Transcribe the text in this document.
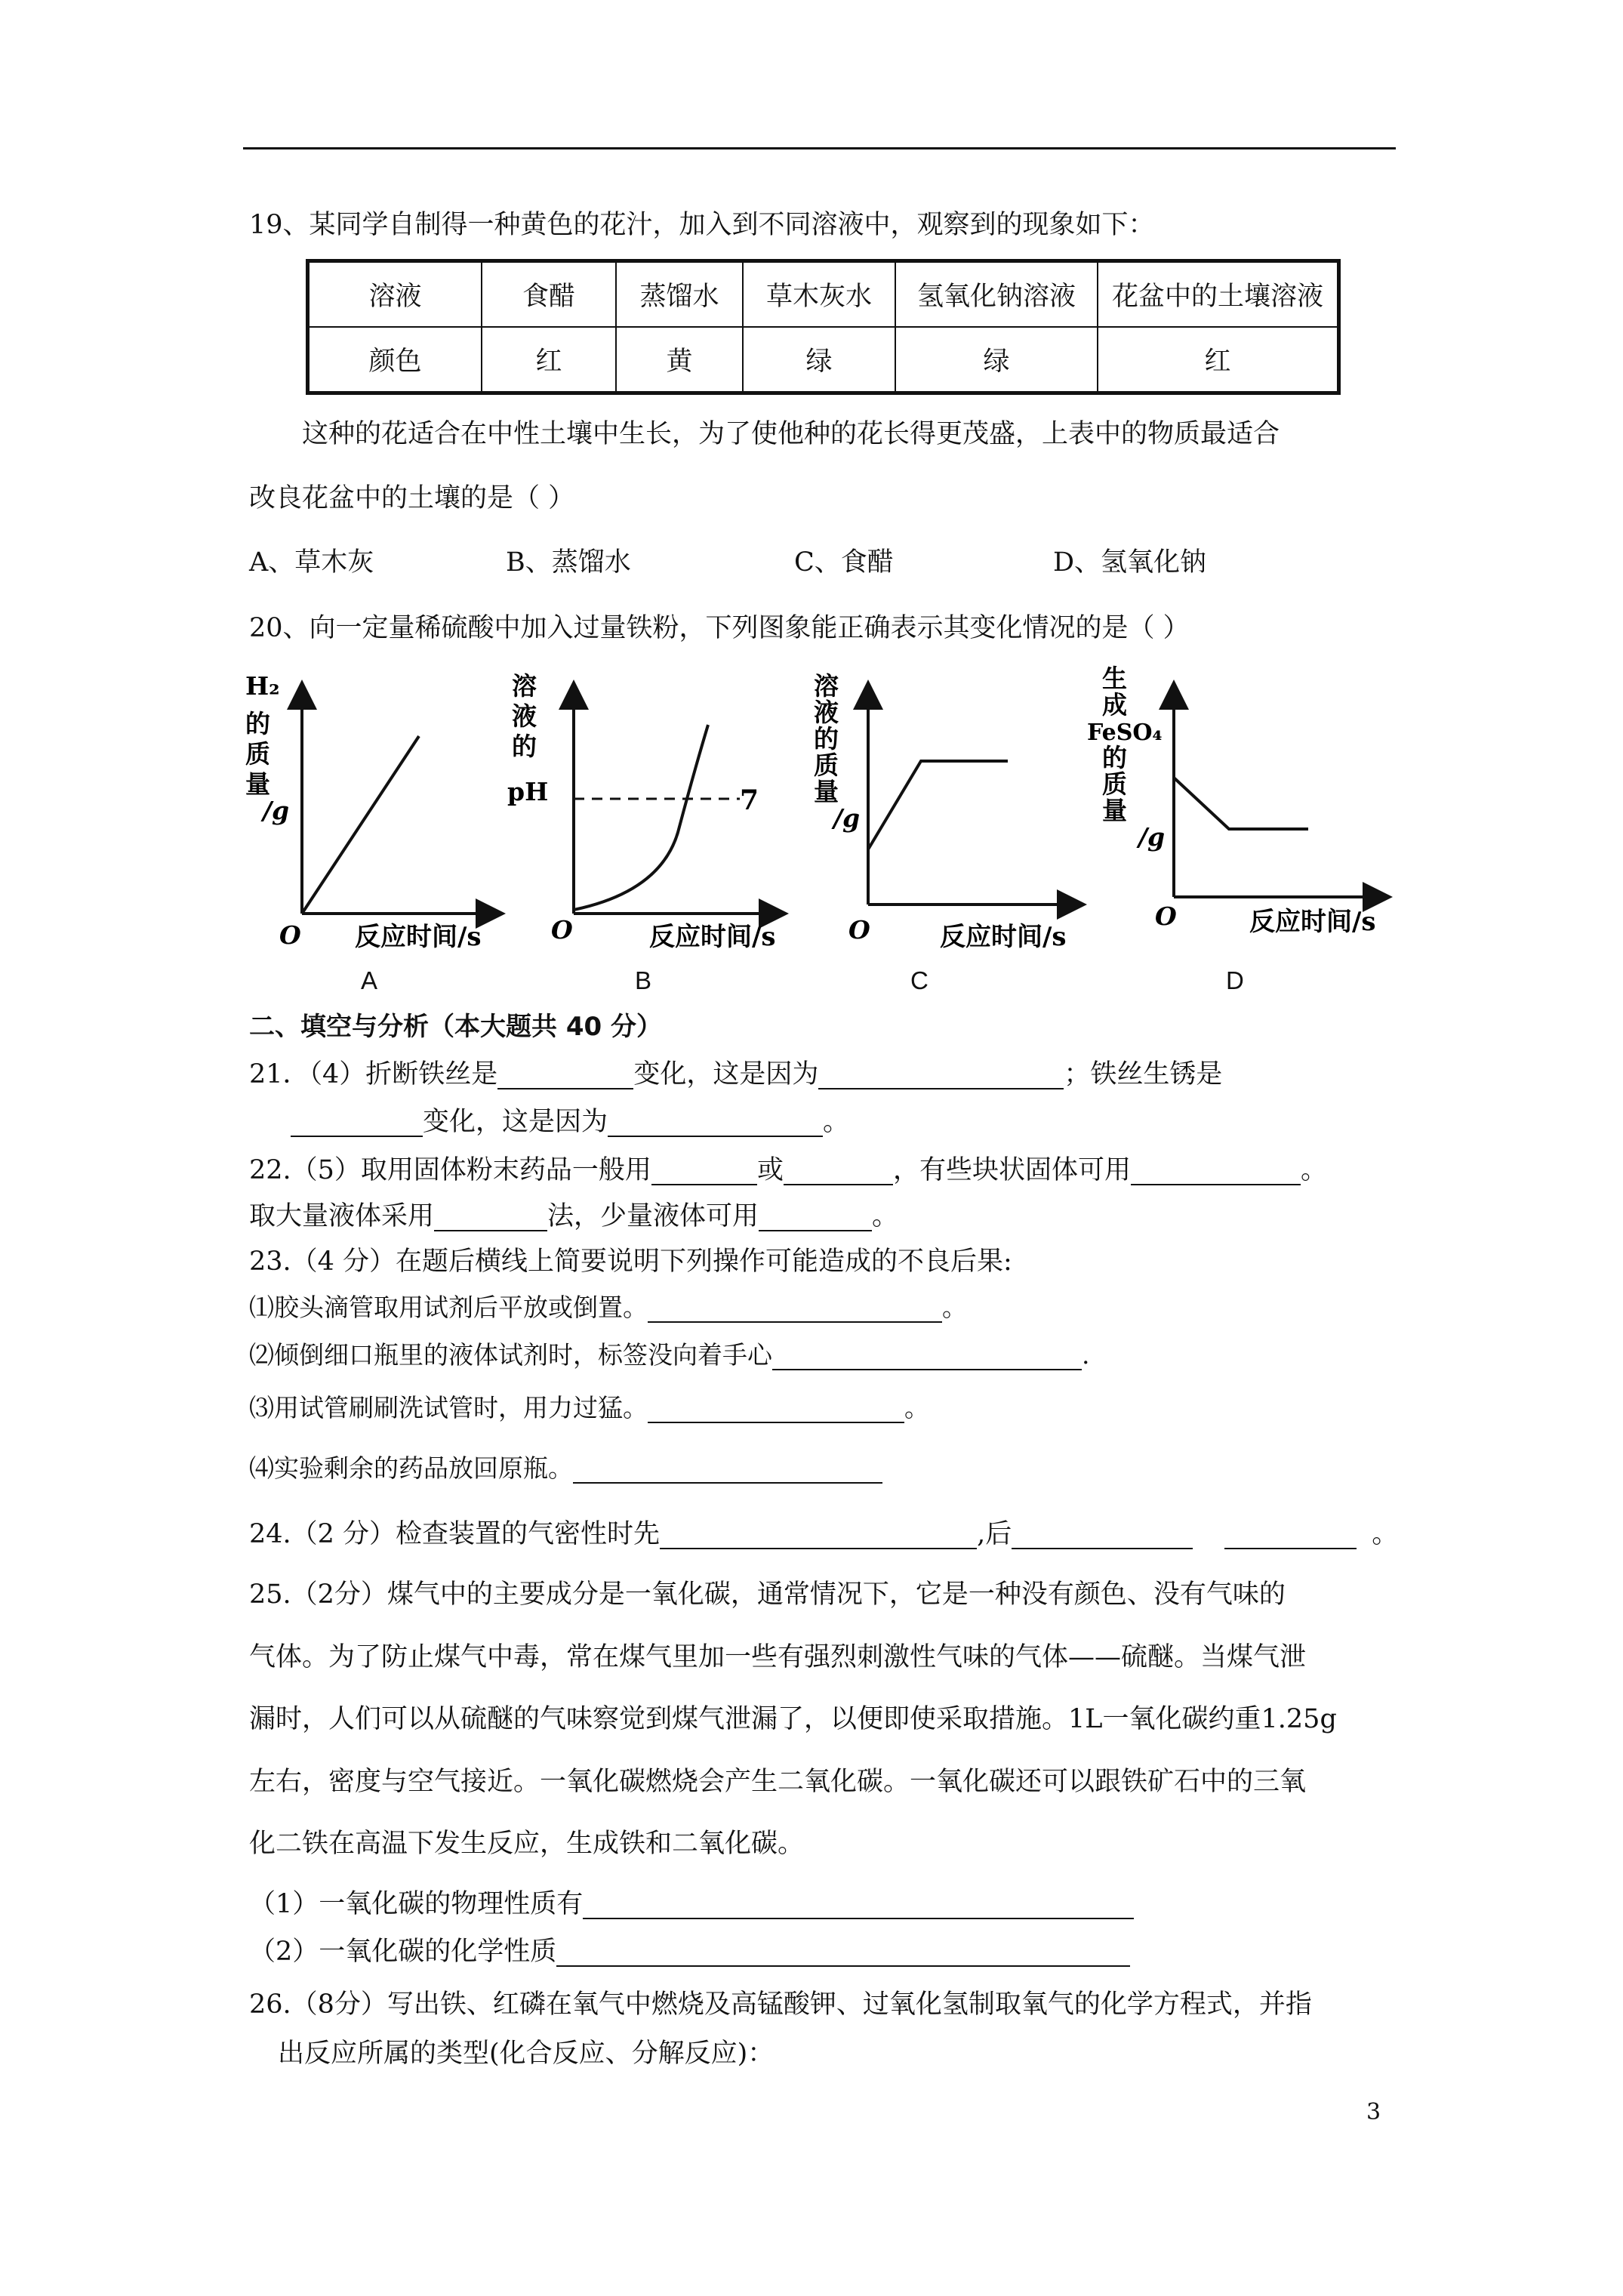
19、某同学自制得一种黄色的花汁，加入到不同溶液中，观察到的现象如下：
溶液	食醋	蒸馏水	草木灰水	氢氧化钠溶液	花盆中的土壤溶液
颜色	红	黄	绿	绿	红
这种的花适合在中性土壤中生长，为了使他种的花长得更茂盛，上表中的物质最适合
改良花盆中的土壤的是（ ）
A、草木灰	B、蒸馏水	C、食醋	D、氢氧化钠
20、向一定量稀硫酸中加入过量铁粉，下列图象能正确表示其变化情况的是（ ）
H₂
的
质
量
/g
O 反应时间/s
A
溶
液
的
pH	7
O	反应时间/s
B
溶
液
的
质
量
/g
O	反应时间/s
C
生
成
FeSO₄
的
质
量
/g
O	反应时间/s
D
二、填空与分析（本大题共 40 分）
21．（4）折断铁丝是	变化，这是因为	；铁丝生锈是
变化，这是因为	。
22.（5）取用固体粉末药品一般用	或	，有些块状固体可用	。
取大量液体采用	法，少量液体可用	。
23.（4 分）在题后横线上简要说明下列操作可能造成的不良后果:
⑴胶头滴管取用试剂后平放或倒置。	。
⑵倾倒细口瓶里的液体试剂时，标签没向着手心	.
⑶用试管刷刷洗试管时，用力过猛。	。
⑷实验剩余的药品放回原瓶。
24.（2 分）检查装置的气密性时先	,后	。
25.（2分）煤气中的主要成分是一氧化碳，通常情况下，它是一种没有颜色、没有气味的
气体。为了防止煤气中毒，常在煤气里加一些有强烈刺激性气味的气体——硫醚。当煤气泄
漏时，人们可以从硫醚的气味察觉到煤气泄漏了，以便即使采取措施。1L一氧化碳约重1.25g
左右，密度与空气接近。一氧化碳燃烧会产生二氧化碳。一氧化碳还可以跟铁矿石中的三氧
化二铁在高温下发生反应，生成铁和二氧化碳。
（1）一氧化碳的物理性质有
（2）一氧化碳的化学性质
26.（8分）写出铁、红磷在氧气中燃烧及高锰酸钾、过氧化氢制取氧气的化学方程式，并指
出反应所属的类型(化合反应、分解反应)：
3
